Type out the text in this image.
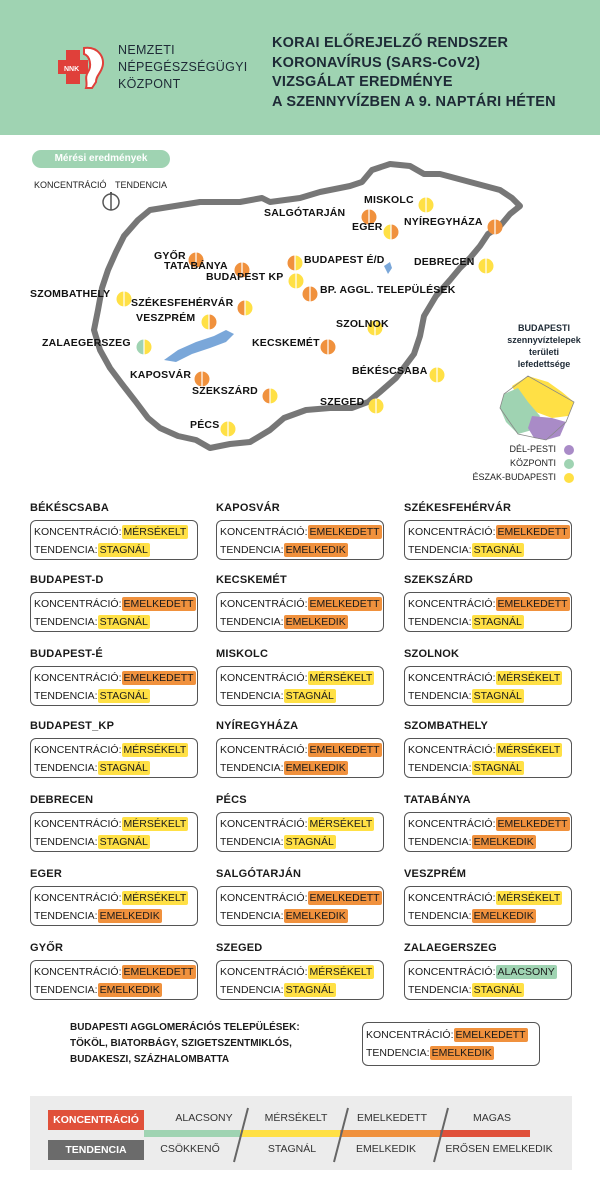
NNK
NEMZETI
NÉPEGÉSZSÉGÜGYI
KÖZPONT
KORAI ELŐREJELZŐ RENDSZER
KORONAVÍRUS (SARS-CoV2)
VIZSGÁLAT EREDMÉNYE
A SZENNYVÍZBEN A 9. NAPTÁRI HÉTEN
Mérési eredmények
KONCENTRÁCIÓ TENDENCIA
MISKOLC
SALGÓTARJÁN
EGER NYÍREGYHÁZA
GYŐR
TATABÁNYA	BUDAPEST É/D
BUDAPEST KP
DEBRECEN
BP. AGGL. TELEPÜLÉSEK
SZOMBATHELY
SZÉKESFEHÉRVÁR
VESZPRÉM	SZOLNOK
ZALAEGERSZEG	KECSKEMÉT
KAPOSVÁR	BÉKÉSCSABA
SZEKSZÁRD
SZEGED
PÉCS
BUDAPESTI
szennyvíztelepek
területi
lefedettsége
DÉL-PESTI
KÖZPONTI
ÉSZAK-BUDAPESTI
BÉKÉSCSABA
KONCENTRÁCIÓ: MÉRSÉKELT
TENDENCIA: STAGNÁL
BUDAPEST-D
KONCENTRÁCIÓ: EMELKEDETT
TENDENCIA: STAGNÁL
BUDAPEST-É
KONCENTRÁCIÓ: EMELKEDETT
TENDENCIA: STAGNÁL
BUDAPEST_KP
KONCENTRÁCIÓ: MÉRSÉKELT
TENDENCIA: STAGNÁL
DEBRECEN
KONCENTRÁCIÓ: MÉRSÉKELT
TENDENCIA: STAGNÁL
EGER
KONCENTRÁCIÓ: MÉRSÉKELT
TENDENCIA: EMELKEDIK
GYŐR
KONCENTRÁCIÓ: EMELKEDETT
TENDENCIA: EMELKEDIK
KAPOSVÁR
KONCENTRÁCIÓ: EMELKEDETT
TENDENCIA: EMELKEDIK
KECSKEMÉT
KONCENTRÁCIÓ: EMELKEDETT
TENDENCIA: EMELKEDIK
MISKOLC
KONCENTRÁCIÓ: MÉRSÉKELT
TENDENCIA: STAGNÁL
NYÍREGYHÁZA
KONCENTRÁCIÓ: EMELKEDETT
TENDENCIA: EMELKEDIK
PÉCS
KONCENTRÁCIÓ: MÉRSÉKELT
TENDENCIA: STAGNÁL
SALGÓTARJÁN
KONCENTRÁCIÓ: EMELKEDETT
TENDENCIA: EMELKEDIK
SZEGED
KONCENTRÁCIÓ: MÉRSÉKELT
TENDENCIA: STAGNÁL
SZÉKESFEHÉRVÁR
KONCENTRÁCIÓ: EMELKEDETT
TENDENCIA: STAGNÁL
SZEKSZÁRD
KONCENTRÁCIÓ: EMELKEDETT
TENDENCIA: STAGNÁL
SZOLNOK
KONCENTRÁCIÓ: MÉRSÉKELT
TENDENCIA: STAGNÁL
SZOMBATHELY
KONCENTRÁCIÓ: MÉRSÉKELT
TENDENCIA: STAGNÁL
TATABÁNYA
KONCENTRÁCIÓ: EMELKEDETT
TENDENCIA: EMELKEDIK
VESZPRÉM
KONCENTRÁCIÓ: MÉRSÉKELT
TENDENCIA: EMELKEDIK
ZALAEGERSZEG
KONCENTRÁCIÓ: ALACSONY
TENDENCIA: STAGNÁL
BUDAPESTI AGGLOMERÁCIÓS TELEPÜLÉSEK:
TÖKÖL, BIATORBÁGY, SZIGETSZENTMIKLÓS,
BUDAKESZI, SZÁZHALOMBATTA
KONCENTRÁCIÓ: EMELKEDETT
TENDENCIA: EMELKEDIK
KONCENTRÁCIÓ
TENDENCIA
ALACSONY	MÉRSÉKELT	EMELKEDETT	MAGAS
CSÖKKENŐ	STAGNÁL	EMELKEDIK	ERŐSEN EMELKEDIK
